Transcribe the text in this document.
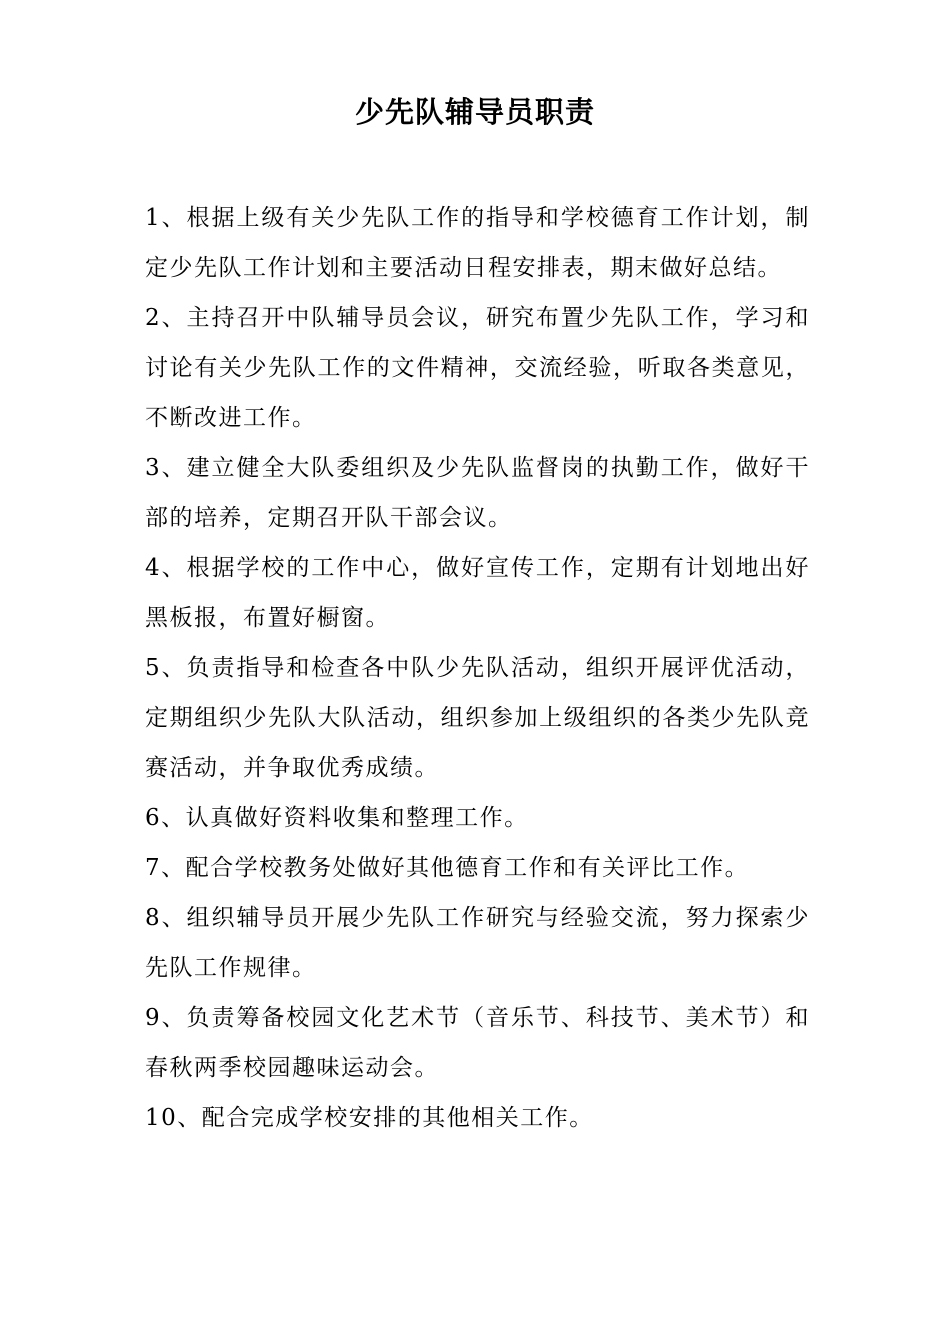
少先队辅导员职责
1、根据上级有关少先队工作的指导和学校德育工作计划，制定少先队工作计划和主要活动日程安排表，期末做好总结。
2、主持召开中队辅导员会议，研究布置少先队工作，学习和讨论有关少先队工作的文件精神，交流经验，听取各类意见，不断改进工作。
3、建立健全大队委组织及少先队监督岗的执勤工作，做好干部的培养，定期召开队干部会议。
4、根据学校的工作中心，做好宣传工作，定期有计划地出好黑板报，布置好橱窗。
5、负责指导和检查各中队少先队活动，组织开展评优活动，定期组织少先队大队活动，组织参加上级组织的各类少先队竞赛活动，并争取优秀成绩。
6、认真做好资料收集和整理工作。
7、配合学校教务处做好其他德育工作和有关评比工作。
8、组织辅导员开展少先队工作研究与经验交流，努力探索少先队工作规律。
9、负责筹备校园文化艺术节（音乐节、科技节、美术节）和春秋两季校园趣味运动会。
10、配合完成学校安排的其他相关工作。
